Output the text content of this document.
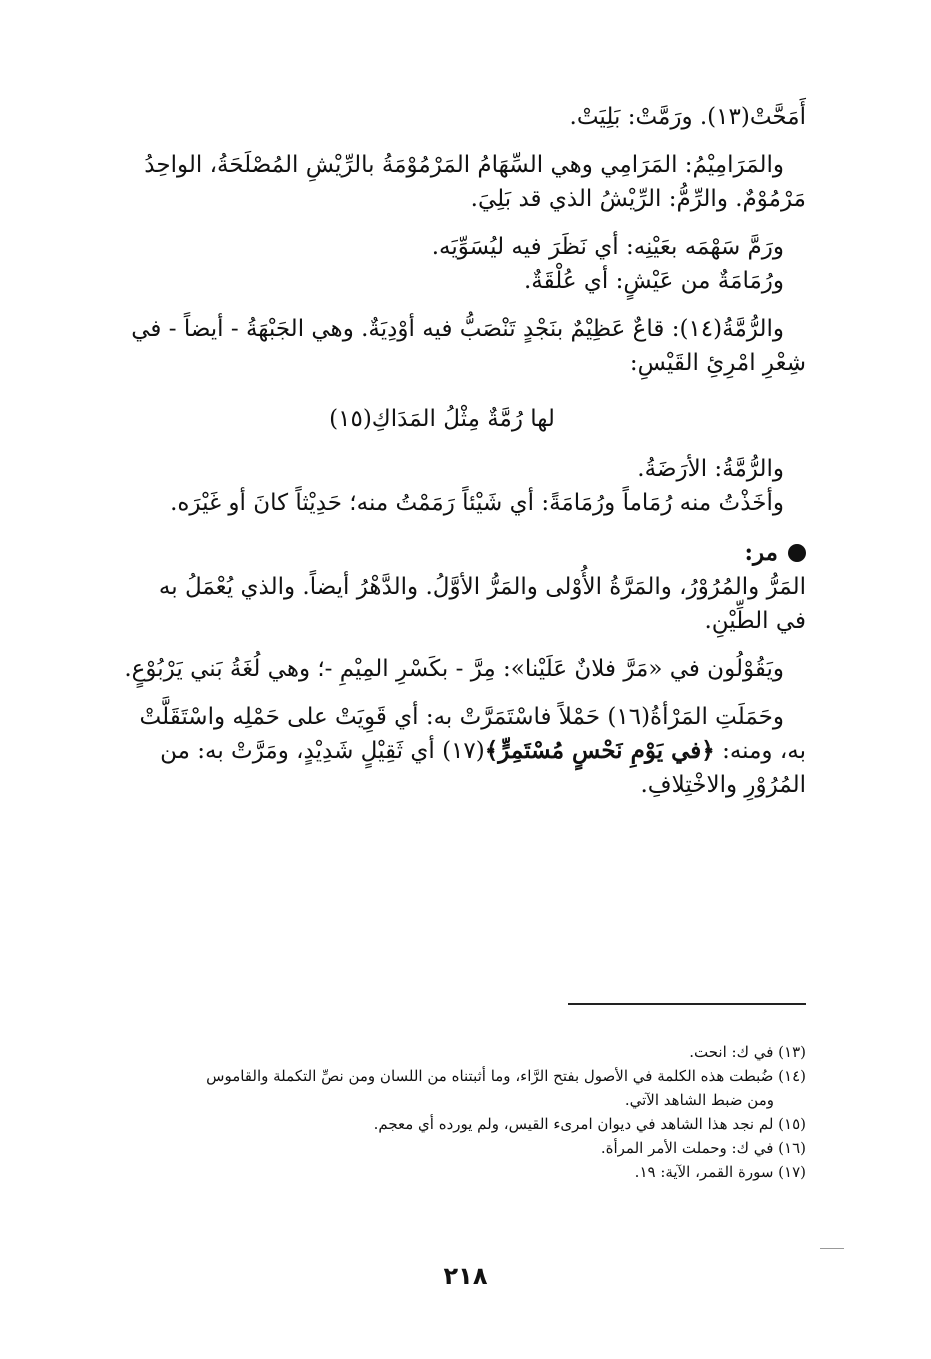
أَمَحَّتْ(١٣). ورَمَّتْ: بَلِيَتْ.
والمَرَامِيْمُ: المَرَامِي وهي السِّهَامُ المَرْمُوْمَةُ بالرِّيْشِ المُصْلَحَةُ، الواحِدُ
مَرْمُوْمٌ. والرِّمُّ: الرِّيْشُ الذي قد بَلِيَ.
ورَمَّ سَهْمَه بعَيْنِه: أي نَظَرَ فيه ليُسَوِّيَه.
ورُمَامَةٌ من عَيْشٍ: أي عُلْقَةٌ.
والرُّمَّةُ(١٤): قاعٌ عَظِيْمٌ بنَجْدٍ تَنْصَبُّ فيه أوْدِيَةٌ. وهي الجَبْهَةُ - أيضاً - في
شِعْرِ امْرِئِ القَيْسِ:
لها رُمَّةٌ مِثْلُ المَدَاكِ(١٥)
والرُّمَّةُ: الأرَضَةُ.
وأخَذْتُ منه رُمَاماً ورُمَامَةً: أي شَيْئاً رَمَمْتُ منه؛ حَدِيْثاً كانَ أو غَيْرَه.
مر:
المَرُّ والمُرُوْرُ، والمَرَّةُ الأُوْلى والمَرُّ الأوَّلُ. والدَّهْرُ أيضاً. والذي يُعْمَلُ به
في الطِّيْنِ.
ويَقُوْلُون في «مَرَّ فلانٌ عَلَيْنا»: مِرَّ - بكَسْرِ المِيْمِ -؛ وهي لُغَةُ بَني يَرْبُوْعٍ.
وحَمَلَتِ المَرْأةُ(١٦) حَمْلاً فاسْتَمَرَّتْ به: أي قَوِيَتْ على حَمْلِه واسْتَقَلَّتْ
به، ومنه: ﴿في يَوْمِ نَحْسٍ مُسْتَمِرٍّ﴾(١٧) أي ثَقِيْلٍ شَدِيْدٍ، ومَرَّتْ به: من
المُرُوْرِ والاخْتِلافِ.
(١٣) في ك: انحت.
(١٤) ضُبطت هذه الكلمة في الأصول بفتح الرَّاء، وما أثبتناه من اللسان ومن نصِّ التكملة والقاموس
ومن ضبط الشاهد الآتي.
(١٥) لم نجد هذا الشاهد في ديوان امرىء القيس، ولم يورده أي معجم.
(١٦) في ك: وحملت الأمر المرأة.
(١٧) سورة القمر، الآية: ١٩.
٢١٨
